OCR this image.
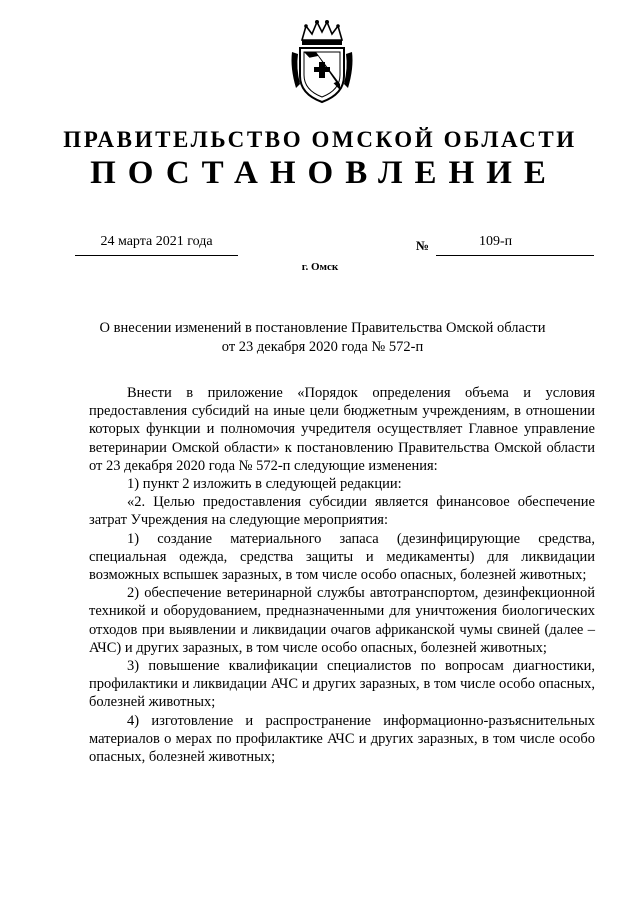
ПРАВИТЕЛЬСТВО ОМСКОЙ ОБЛАСТИ
ПОСТАНОВЛЕНИЕ
24 марта 2021 года	№	109-п
г. Омск
О внесении изменений в постановление Правительства Омской области
от 23 декабря 2020 года № 572-п

Внести в приложение «Порядок определения объема и условия предоставления субсидий на иные цели бюджетным учреждениям, в отношении которых функции и полномочия учредителя осуществляет Главное управление ветеринарии Омской области» к постановлению Правительства Омской области от 23 декабря 2020 года № 572-п следующие изменения:

1) пункт 2 изложить в следующей редакции:

«2. Целью предоставления субсидии является финансовое обеспечение затрат Учреждения на следующие мероприятия:

1) создание материального запаса (дезинфицирующие средства, специальная одежда, средства защиты и медикаменты) для ликвидации возможных вспышек заразных, в том числе особо опасных, болезней животных;

2) обеспечение ветеринарной службы автотранспортом, дезинфекционной техникой и оборудованием, предназначенными для уничтожения биологических отходов при выявлении и ликвидации очагов африканской чумы свиней (далее – АЧС) и других заразных, в том числе особо опасных, болезней животных;

3) повышение квалификации специалистов по вопросам диагностики, профилактики и ликвидации АЧС и других заразных, в том числе особо опасных, болезней животных;

4) изготовление и распространение информационно-разъяснительных материалов о мерах по профилактике АЧС и других заразных, в том числе особо опасных, болезней животных;
